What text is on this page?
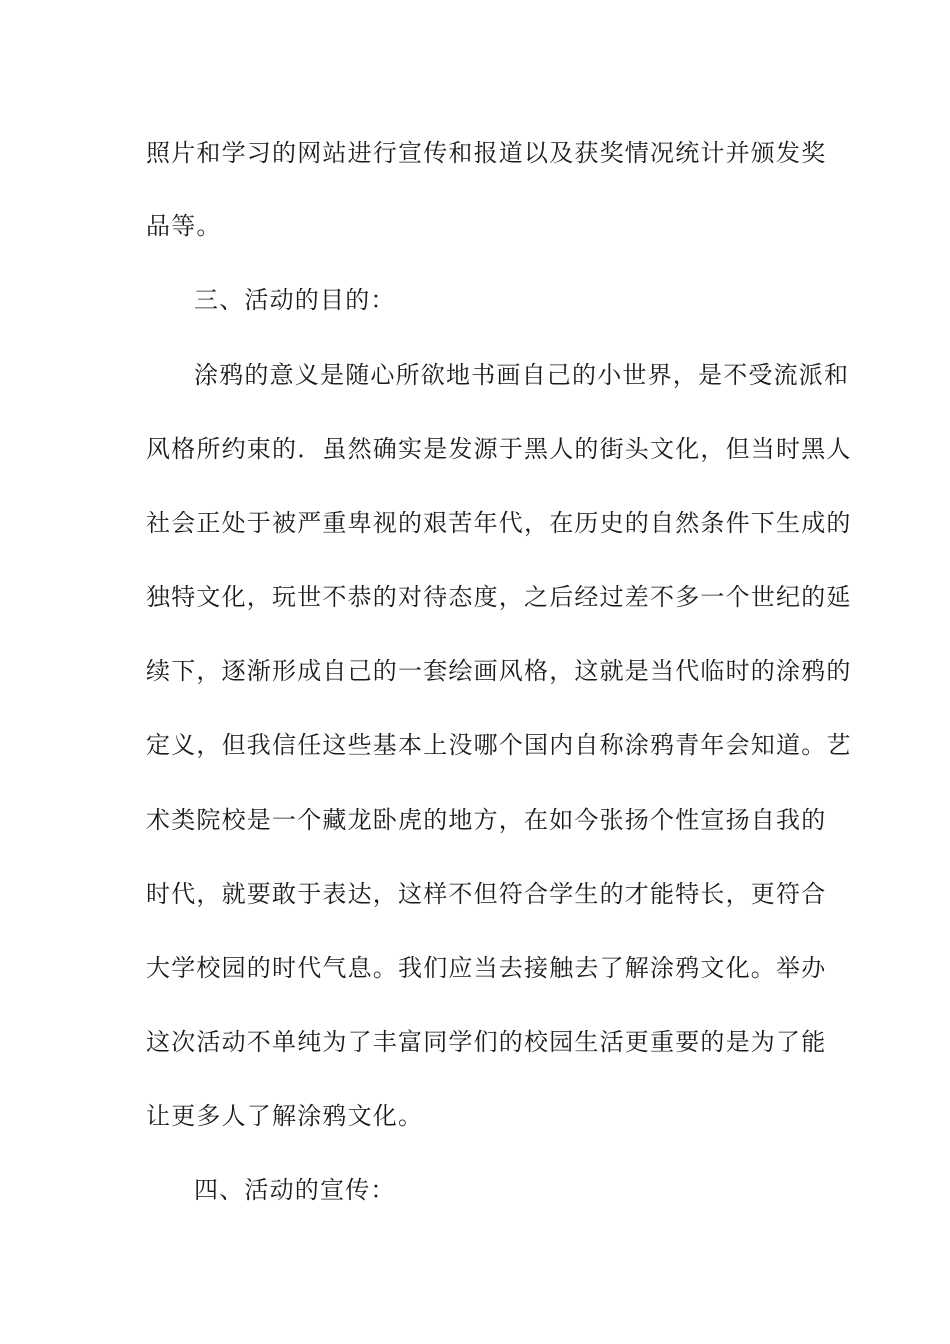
照片和学习的网站进行宣传和报道以及获奖情况统计并颁发奖
品等。
三、活动的目的：
涂鸦的意义是随心所欲地书画自己的小世界，是不受流派和
风格所约束的．虽然确实是发源于黑人的街头文化，但当时黑人
社会正处于被严重卑视的艰苦年代，在历史的自然条件下生成的
独特文化，玩世不恭的对待态度，之后经过差不多一个世纪的延
续下，逐渐形成自己的一套绘画风格，这就是当代临时的涂鸦的
定义，但我信任这些基本上没哪个国内自称涂鸦青年会知道。艺
术类院校是一个藏龙卧虎的地方，在如今张扬个性宣扬自我的
时代，就要敢于表达，这样不但符合学生的才能特长，更符合
大学校园的时代气息。我们应当去接触去了解涂鸦文化。举办
这次活动不单纯为了丰富同学们的校园生活更重要的是为了能
让更多人了解涂鸦文化。
四、活动的宣传：
